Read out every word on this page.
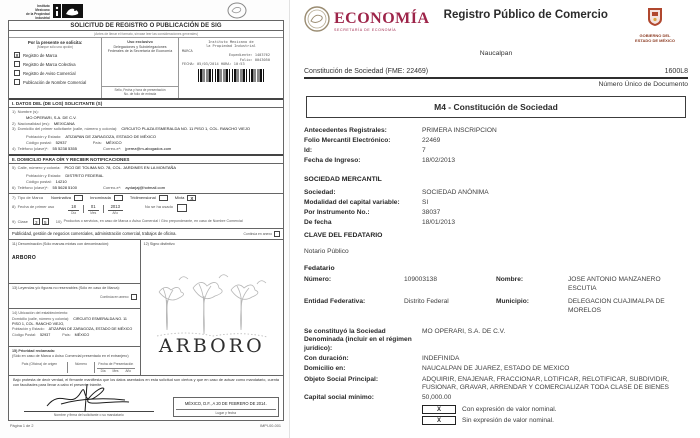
Instituto
Mexicano
de la Propiedad
Industrial
SOLICITUD DE REGISTRO O PUBLICACIÓN DE SIG
(Antes de llenar el formato, sírvase leer las consideraciones generales)
Por la presente se solicita:
(Marque sólo una opción)
X	Registro de Marca
Registro de Marca Colectiva
Registro de Aviso Comercial
Publicación de Nombre Comercial
Uso exclusivo
Delegaciones y Subdelegaciones Federales de la Secretaría de Economía
Sello, Fecha y hora de presentación
No. de folio de entrada
Instituto Mexicano de
la Propiedad Industrial
MARCA
Expediente: 1403762
Folio: 0043050
FECHA: 05/03/2014 HORA: 10:53
I. DATOS DEL (DE LOS) SOLICITANTE (S)
1) Nombre (s):
MO OPERARI, S.A. DE C.V.
2) Nacionalidad (es): MEXICANA
3) Domicilio del primer solicitante (calle, número y colonia): CIRCUITO PLAZA ESMERALDA NO. 11 PISO 1, COL. RANCHO VIEJO
Población y Estado: ATIZAPAN DE ZARAGOZA, ESTADO DE MÉXICO
Código postal: 52937	País: MÉXICO
4) Teléfono (clave)*: 55 5238 5355	Correo-e*: jperez@m-abogados.com
II. DOMICILIO PARA OÍR Y RECIBIR NOTIFICACIONES
5) Calle, número y colonia: PICO DE TOLIMA NO. 78, COL. JARDINES EN LA MONTAÑA
Población y Estado: DISTRITO FEDERAL
Código postal: 14210
6) Teléfono (clave)*: 55 5628 5100	Correo-e*: aydarjaj@hotmail.com
7) Tipo de Marca Nominativa	Innominada	Tridimensional	Mixta	X
8) Fecha de primer uso	18
Día
01
Mes
2013
Año
No se ha usado
9) Clase	3	5	10) Productos o servicios, en caso de Marca o Aviso Comercial / Giro preponderante, en caso de Nombre Comercial
Publicidad, gestión de negocios comerciales, administración comercial, trabajos de oficina.	Continúa en anexo
11) Denominación (Sólo marcas mixtas con denominación):
ARBORO
13) Leyendas y/o figuras no reservables (Sólo en caso de Marca):
Continúa en anexo
14) Ubicación del establecimiento:
Domicilio (calle, número y colonia): CIRCUITO ESMERALDA NO. 11
PISO 1, COL. RANCHO VIEJO,
Población y Estado: ATIZAPAN DE ZARAGOZA, ESTADO DE MÉXICO
Código Postal: 52937	País: MÉXICO
15) Prioridad reclamada:
(Sólo en caso de Marca o Aviso Comercial presentado en el extranjero)
País (Oficina) de origen	Número	Fecha de Presentación
Día Mes Año
12) Signo distintivo
ARBORO
Bajo protesta de decir verdad, el firmante manifiesta que los datos asentados en esta solicitud son ciertos y que en caso de actuar como mandatario, cuenta con facultades para llevar a cabo el presente trámite.
Nombre y firma del solicitante o su mandatario
MÉXICO, D.F., A 20 DE FEBRERO DE 2014.
Lugar y fecha
Página 1 de 2	IMPI-00-001
ECONOMÍA
SECRETARÍA DE ECONOMÍA
Registro Público de Comercio
GOBIERNO DEL
ESTADO DE MÉXICO
Naucalpan
Constitución de Sociedad (FME: 22469)	1600L8
Número Único de Documento
M4 - Constitución de Sociedad
Antecedentes Registrales:	PRIMERA INSCRIPCION
Folio Mercantil Electrónico:	22469
Id:	7
Fecha de Ingreso:	18/02/2013
SOCIEDAD MERCANTIL
Sociedad:	SOCIEDAD ANÓNIMA
Modalidad del capital variable:	SI
Por Instrumento No.:	38037
De fecha	18/01/2013
CLAVE DEL FEDATARIO
Notario Público
Fedatario
Número:	109003138	Nombre:	JOSE ANTONIO MANZANERO ESCUTIA
Entidad Federativa:	Distrito Federal	Municipio:	DELEGACION CUAJIMALPA DE MORELOS
Se constituyó la Sociedad Denominada (incluir en el régimen jurídico):
MO OPERARI, S.A. DE C.V.
Con duración:	INDEFINIDA
Domicilio en:	NAUCALPAN DE JUAREZ, ESTADO DE MEXICO
Objeto Social Principal:	ADQUIRIR, ENAJENAR, FRACCIONAR, LOTIFICAR, RELOTIFICAR, SUBDIVIDIR, FUSIONAR, GRAVAR, ARRENDAR Y COMERCIALIZAR TODA CLASE DE BIENES
Capital social mínimo:	50,000.00
X	Con expresión de valor nominal.
X	Sin expresión de valor nominal.
